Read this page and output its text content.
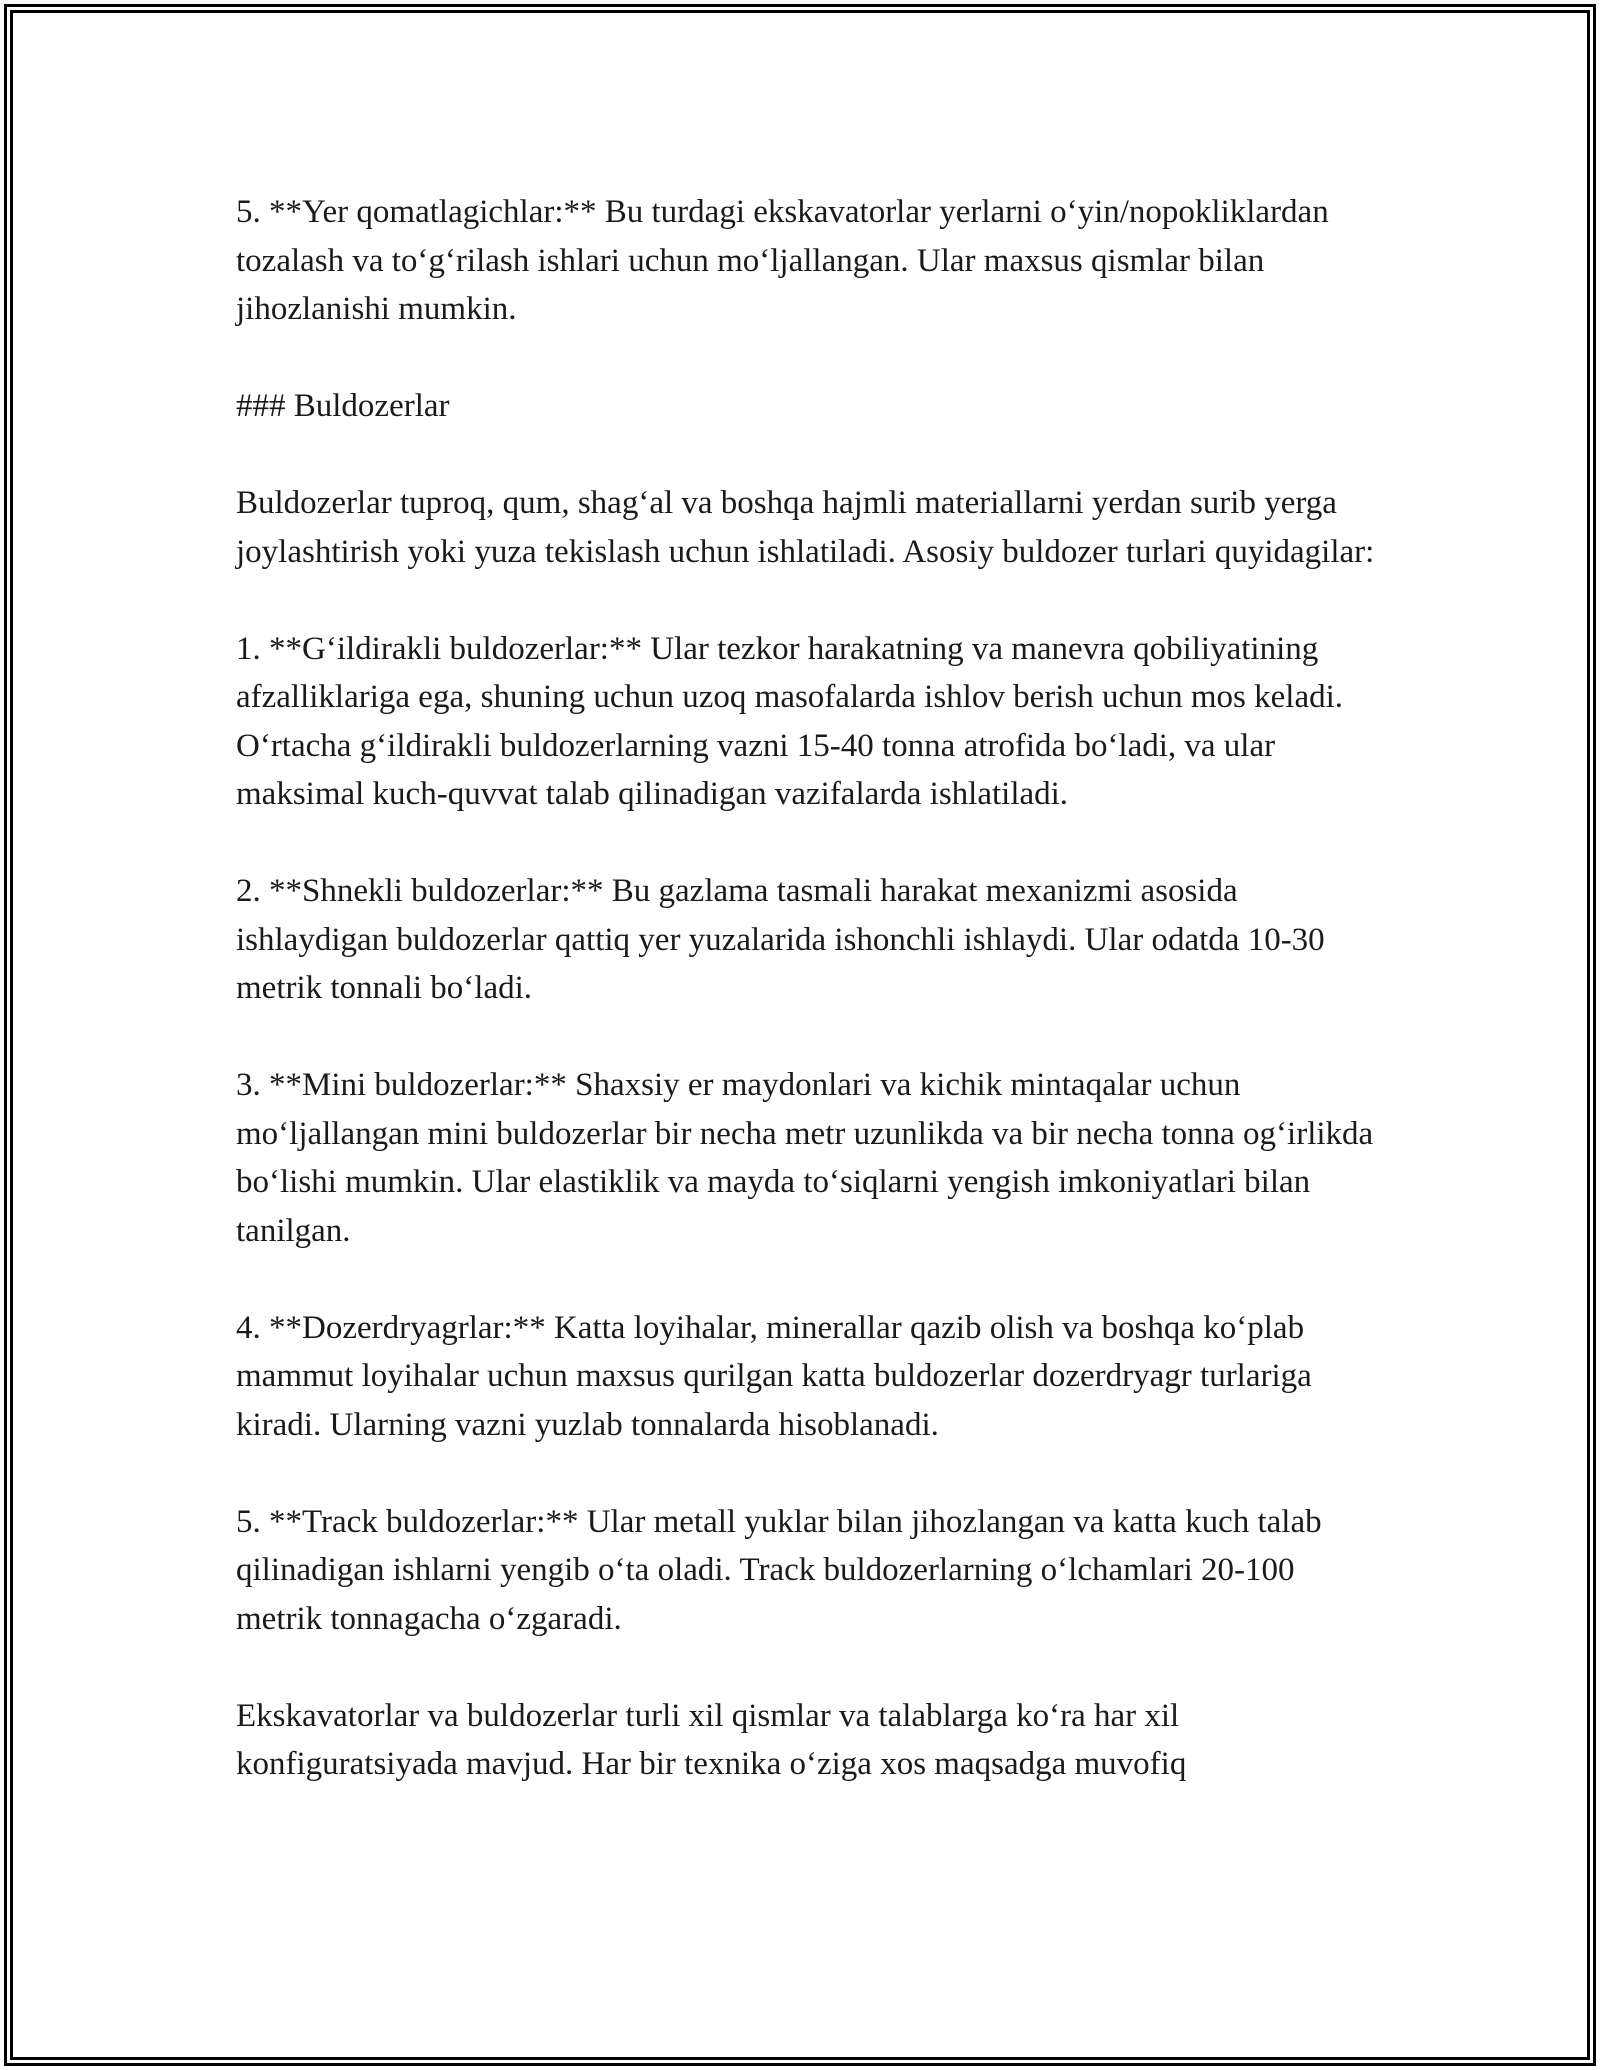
5. **Yer qomatlagichlar:** Bu turdagi ekskavatorlar yerlarni o‘yin/nopokliklardan tozalash va to‘g‘rilash ishlari uchun mo‘ljallangan. Ular maxsus qismlar bilan jihozlanishi mumkin.

### Buldozerlar

Buldozerlar tuproq, qum, shag‘al va boshqa hajmli materiallarni yerdan surib yerga joylashtirish yoki yuza tekislash uchun ishlatiladi. Asosiy buldozer turlari quyidagilar:

1. **G‘ildirakli buldozerlar:** Ular tezkor harakatning va manevra qobiliyatining afzalliklariga ega, shuning uchun uzoq masofalarda ishlov berish uchun mos keladi. O‘rtacha g‘ildirakli buldozerlarning vazni 15-40 tonna atrofida bo‘ladi, va ular maksimal kuch-quvvat talab qilinadigan vazifalarda ishlatiladi.

2. **Shnekli buldozerlar:** Bu gazlama tasmali harakat mexanizmi asosida ishlaydigan buldozerlar qattiq yer yuzalarida ishonchli ishlaydi. Ular odatda 10-30 metrik tonnali bo‘ladi.

3. **Mini buldozerlar:** Shaxsiy er maydonlari va kichik mintaqalar uchun mo‘ljallangan mini buldozerlar bir necha metr uzunlikda va bir necha tonna og‘irlikda bo‘lishi mumkin. Ular elastiklik va mayda to‘siqlarni yengish imkoniyatlari bilan tanilgan.

4. **Dozerdryagrlar:** Katta loyihalar, minerallar qazib olish va boshqa ko‘plab mammut loyihalar uchun maxsus qurilgan katta buldozerlar dozerdryagr turlariga kiradi. Ularning vazni yuzlab tonnalarda hisoblanadi.

5. **Track buldozerlar:** Ular metall yuklar bilan jihozlangan va katta kuch talab qilinadigan ishlarni yengib o‘ta oladi. Track buldozerlarning o‘lchamlari 20-100 metrik tonnagacha o‘zgaradi.

Ekskavatorlar va buldozerlar turli xil qismlar va talablarga ko‘ra har xil konfiguratsiyada mavjud. Har bir texnika o‘ziga xos maqsadga muvofiq
